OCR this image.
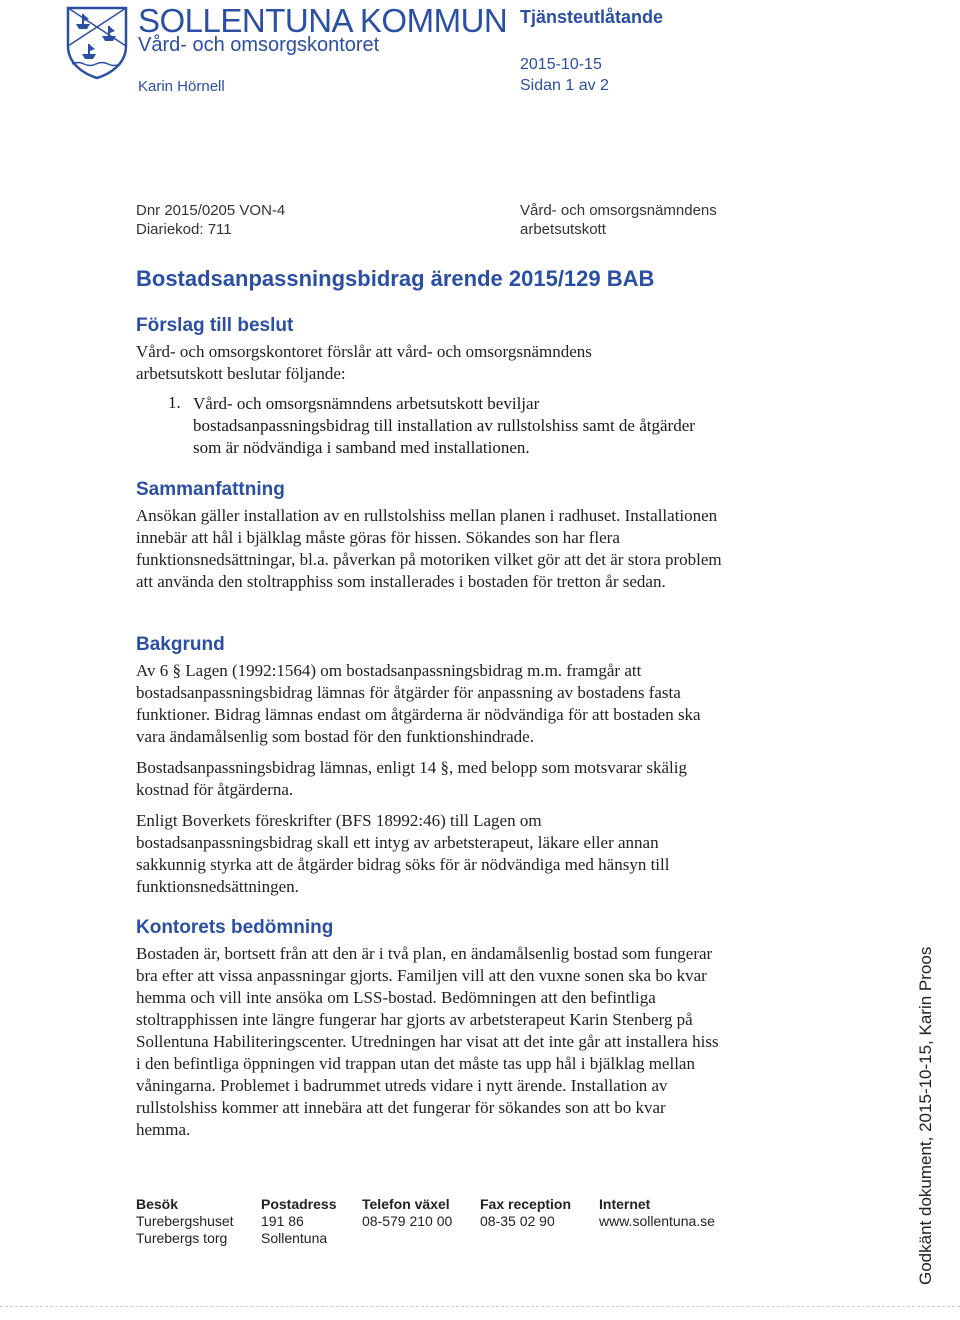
SOLLENTUNA KOMMUN
Vård- och omsorgskontoret
Tjänsteutlåtande
2015-10-15
Sidan 1 av 2
Karin Hörnell
Dnr 2015/0205 VON-4
Diariekod: 711
Vård- och omsorgsnämndens
arbetsutskott
Bostadsanpassningsbidrag ärende 2015/129 BAB
Förslag till beslut

Vård- och omsorgskontoret förslår att vård- och omsorgsnämndens arbetsutskott beslutar följande:

1. Vård- och omsorgsnämndens arbetsutskott beviljar bostadsanpassningsbidrag till installation av rullstolshiss samt de åtgärder som är nödvändiga i samband med installationen.
Sammanfattning

Ansökan gäller installation av en rullstolshiss mellan planen i radhuset. Installationen innebär att hål i bjälklag måste göras för hissen. Sökandes son har flera funktionsnedsättningar, bl.a. påverkan på motoriken vilket gör att det är stora problem att använda den stoltrapphiss som installerades i bostaden för tretton år sedan.

Bakgrund

Av 6 § Lagen (1992:1564) om bostadsanpassningsbidrag m.m. framgår att bostadsanpassningsbidrag lämnas för åtgärder för anpassning av bostadens fasta funktioner. Bidrag lämnas endast om åtgärderna är nödvändiga för att bostaden ska vara ändamålsenlig som bostad för den funktionshindrade.

Bostadsanpassningsbidrag lämnas, enligt 14 §, med belopp som motsvarar skälig kostnad för åtgärderna.

Enligt Boverkets föreskrifter (BFS 18992:46) till Lagen om bostadsanpassningsbidrag skall ett intyg av arbetsterapeut, läkare eller annan sakkunnig styrka att de åtgärder bidrag söks för är nödvändiga med hänsyn till funktionsnedsättningen.

Kontorets bedömning

Bostaden är, bortsett från att den är i två plan, en ändamålsenlig bostad som fungerar bra efter att vissa anpassningar gjorts. Familjen vill att den vuxne sonen ska bo kvar hemma och vill inte ansöka om LSS-bostad. Bedömningen att den befintliga stoltrapphissen inte längre fungerar har gjorts av arbetsterapeut Karin Stenberg på Sollentuna Habiliteringscenter. Utredningen har visat att det inte går att installera hiss i den befintliga öppningen vid trappan utan det måste tas upp hål i bjälklag mellan våningarna. Problemet i badrummet utreds vidare i nytt ärende. Installation av rullstolshiss kommer att innebära att det fungerar för sökandes son att bo kvar hemma.

Besök
Turebergshuset
Turebergs torg
Postadress
191 86
Sollentuna
Telefon växel
08-579 210 00
Fax reception
08-35 02 90
Internet
www.sollentuna.se	Godkänt dokument, 2015-10-15, Karin Proos
